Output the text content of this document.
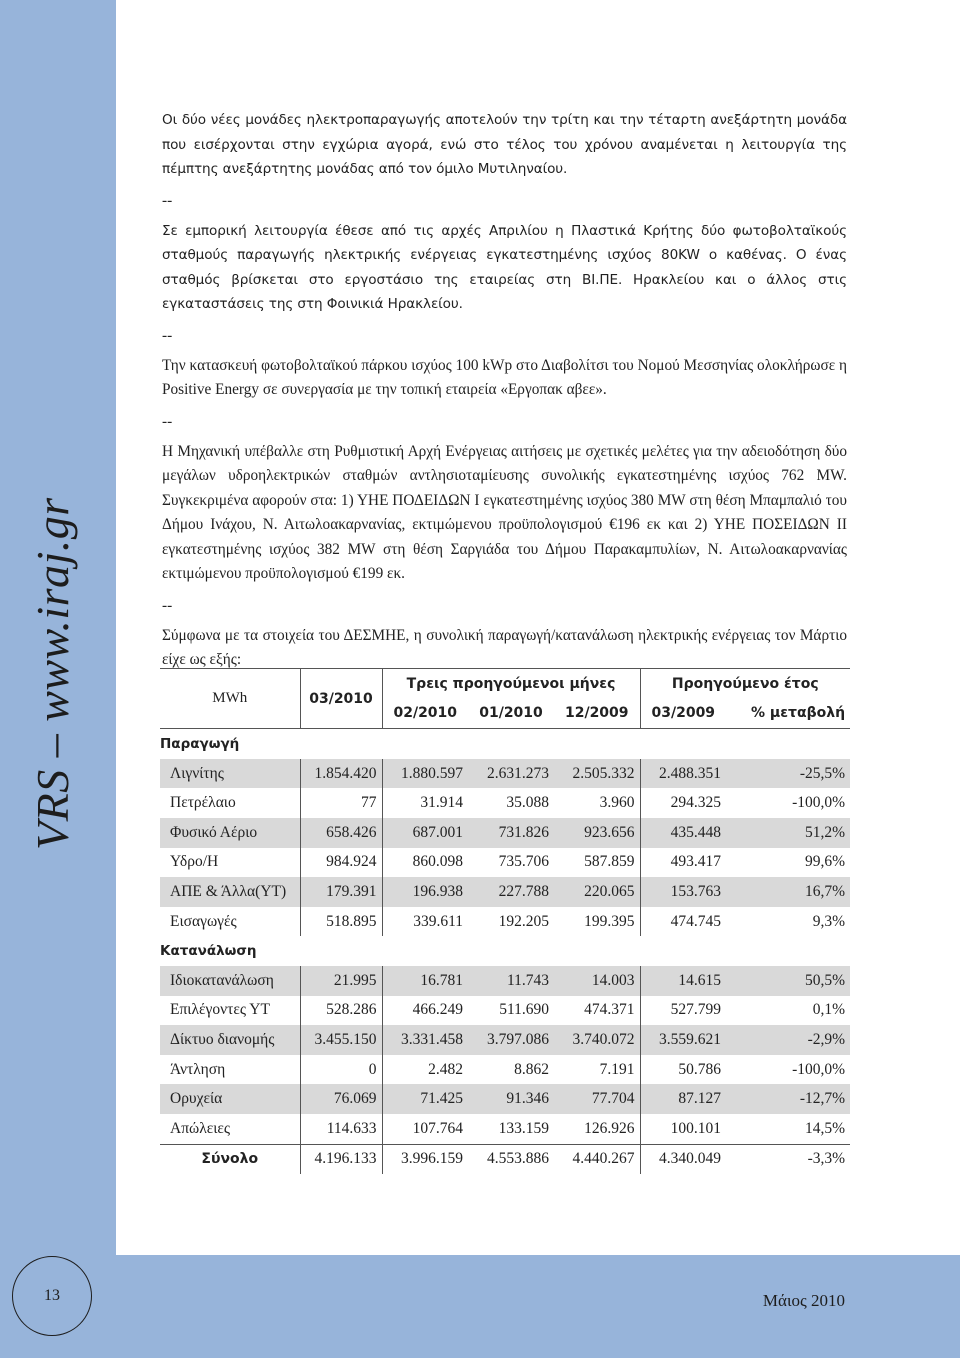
VRS – www.iraj.gr
13	Μάιος 2010

Οι δύο νέες μονάδες ηλεκτροπαραγωγής αποτελούν την τρίτη και την τέταρτη ανεξάρτητη μονάδα που εισέρχονται στην εγχώρια αγορά, ενώ στο τέλος του χρόνου αναμένεται η λειτουργία της πέμπτης ανεξάρτητης μονάδας από τον όμιλο Μυτιληναίου.

--

Σε εμπορική λειτουργία έθεσε από τις αρχές Απριλίου η Πλαστικά Κρήτης δύο φωτοβολταϊκούς σταθμούς παραγωγής ηλεκτρικής ενέργειας εγκατεστημένης ισχύος 80KW ο καθένας. Ο ένας σταθμός βρίσκεται στο εργοστάσιο της εταιρείας στη ΒΙ.ΠΕ. Ηρακλείου και ο άλλος στις εγκαταστάσεις της στη Φοινικιά Ηρακλείου.

--

Την κατασκευή φωτοβολταϊκού πάρκου ισχύος 100 kWp στο Διαβολίτσι του Νομού Μεσσηνίας ολοκλήρωσε η Positive Energy σε συνεργασία με την τοπική εταιρεία «Εργοπακ αβεε».

--

Η Μηχανική υπέβαλλε στη Ρυθμιστική Αρχή Ενέργειας αιτήσεις με σχετικές μελέτες για την αδειοδότηση δύο μεγάλων υδροηλεκτρικών σταθμών αντλησιοταμίευσης συνολικής εγκατεστημένης ισχύος 762 MW. Συγκεκριμένα αφορούν στα: 1) ΥΗΕ ΠΟΔΕΙΔΩΝ Ι εγκατεστημένης ισχύος 380 MW στη θέση Μπαμπαλιό του Δήμου Ινάχου, Ν. Αιτωλοακαρνανίας, εκτιμώμενου προϋπολογισμού €196 εκ και 2) ΥΗΕ ΠΟΣΕΙΔΩΝ ΙΙ εγκατεστημένης ισχύος 382 MW στη θέση Σαργιάδα του Δήμου Παρακαμπυλίων, Ν. Αιτωλοακαρνανίας εκτιμώμενου προϋπολογισμού €199 εκ.

--

Σύμφωνα με τα στοιχεία του ΔΕΣΜΗΕ, η συνολική παραγωγή/κατανάλωση ηλεκτρικής ενέργειας τον Μάρτιο είχε ως εξής:

MWh	03/2010	Τρεις προηγούμενοι μήνες			Προηγούμενο έτος	
		02/2010	01/2010	12/2009	03/2009	% μεταβολή
Παραγωγή						
Λιγνίτης	1.854.420	1.880.597	2.631.273	2.505.332	2.488.351	-25,5%
Πετρέλαιο	77	31.914	35.088	3.960	294.325	-100,0%
Φυσικό Αέριο	658.426	687.001	731.826	923.656	435.448	51,2%
Υδρο/Η	984.924	860.098	735.706	587.859	493.417	99,6%
ΑΠΕ & Άλλα(ΥΤ)	179.391	196.938	227.788	220.065	153.763	16,7%
Εισαγωγές	518.895	339.611	192.205	199.395	474.745	9,3%
Κατανάλωση						
Ιδιοκατανάλωση	21.995	16.781	11.743	14.003	14.615	50,5%
Επιλέγοντες ΥΤ	528.286	466.249	511.690	474.371	527.799	0,1%
Δίκτυο διανομής	3.455.150	3.331.458	3.797.086	3.740.072	3.559.621	-2,9%
Άντληση	0	2.482	8.862	7.191	50.786	-100,0%
Ορυχεία	76.069	71.425	91.346	77.704	87.127	-12,7%
Απώλειες	114.633	107.764	133.159	126.926	100.101	14,5%
Σύνολο	4.196.133	3.996.159	4.553.886	4.440.267	4.340.049	-3,3%
